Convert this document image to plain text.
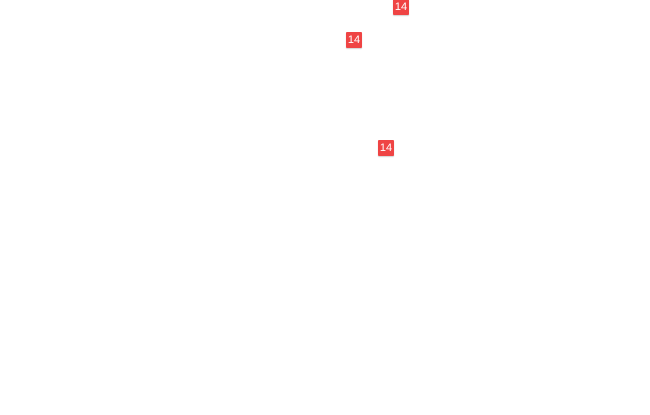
14
14
14
